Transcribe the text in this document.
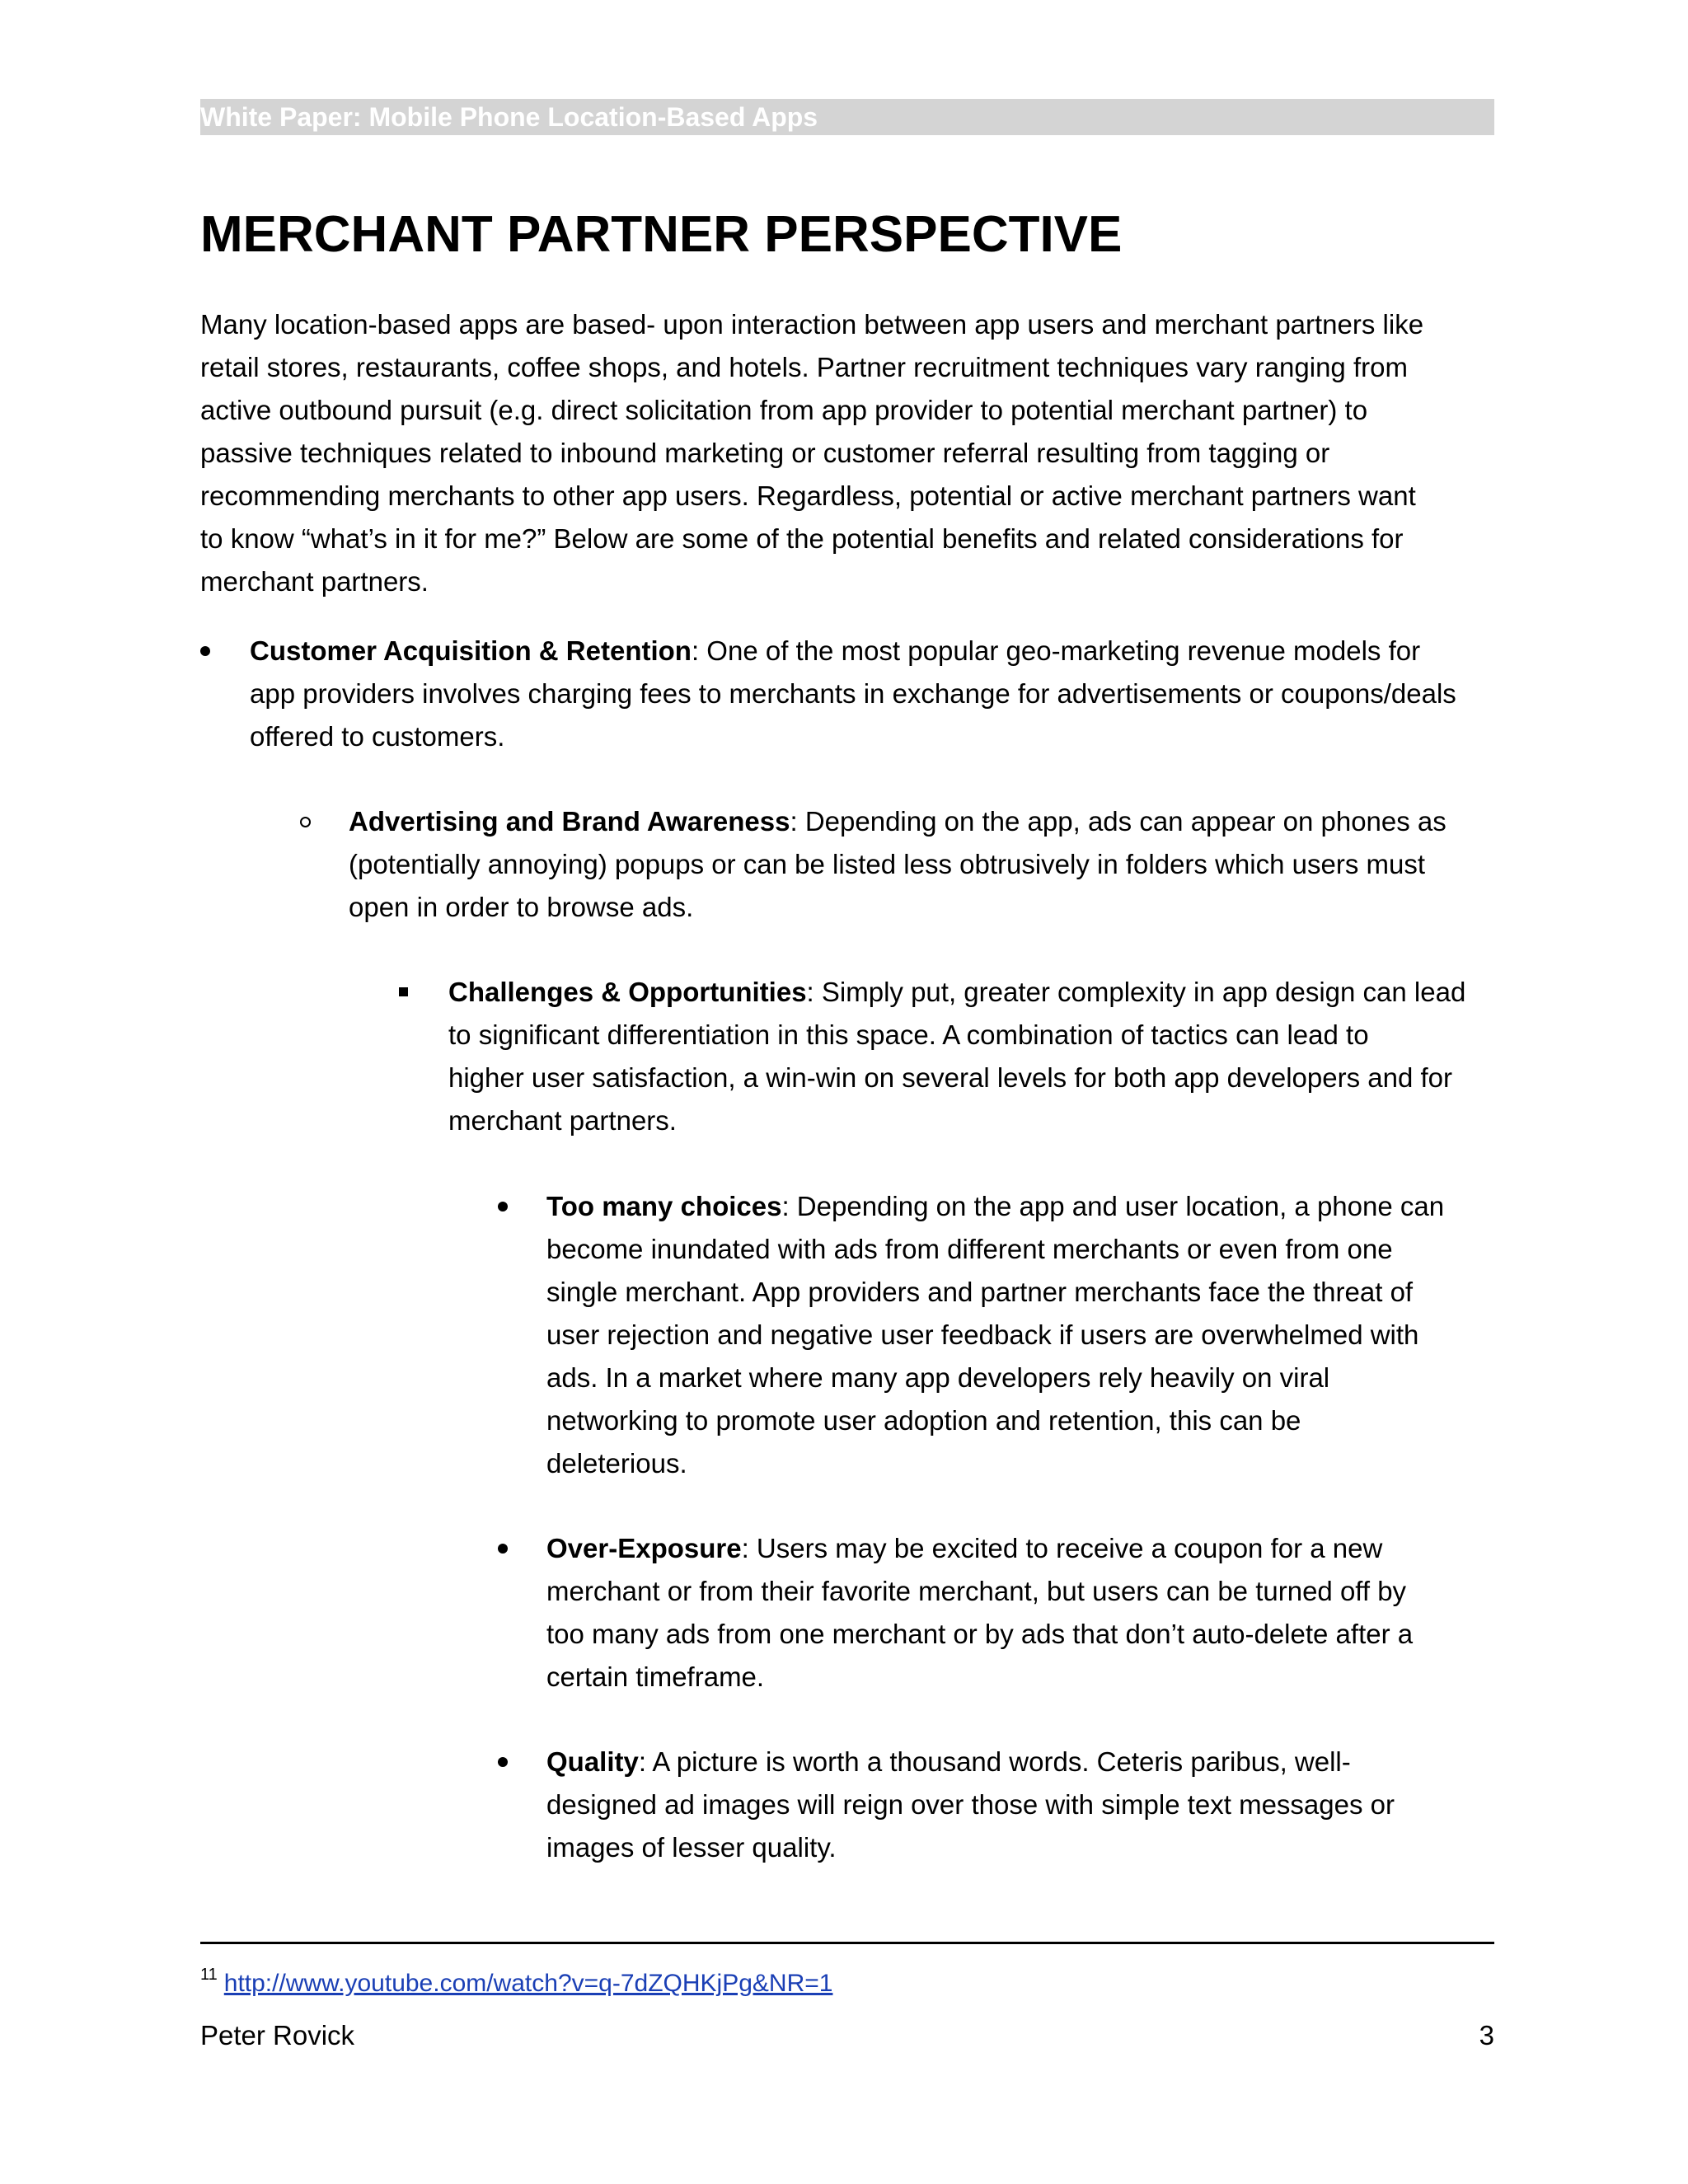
White Paper: Mobile Phone Location-Based Apps
MERCHANT PARTNER PERSPECTIVE

Many location-based apps are based- upon interaction between app users and merchant partners like

retail stores, restaurants, coffee shops, and hotels. Partner recruitment techniques vary ranging from

active outbound pursuit (e.g. direct solicitation from app provider to potential merchant partner) to

passive techniques related to inbound marketing or customer referral resulting from tagging or

recommending merchants to other app users. Regardless, potential or active merchant partners want

to know “what’s in it for me?” Below are some of the potential benefits and related considerations for

merchant partners.

Customer Acquisition & Retention: One of the most popular geo-marketing revenue models for

app providers involves charging fees to merchants in exchange for advertisements or coupons/deals

offered to customers.

Advertising and Brand Awareness: Depending on the app, ads can appear on phones as

(potentially annoying) popups or can be listed less obtrusively in folders which users must

open in order to browse ads.

Challenges & Opportunities: Simply put, greater complexity in app design can lead

to significant differentiation in this space. A combination of tactics can lead to

higher user satisfaction, a win-win on several levels for both app developers and for

merchant partners.

Too many choices: Depending on the app and user location, a phone can

become inundated with ads from different merchants or even from one

single merchant. App providers and partner merchants face the threat of

user rejection and negative user feedback if users are overwhelmed with

ads. In a market where many app developers rely heavily on viral

networking to promote user adoption and retention, this can be

deleterious.

Over-Exposure: Users may be excited to receive a coupon for a new

merchant or from their favorite merchant, but users can be turned off by

too many ads from one merchant or by ads that don’t auto-delete after a

certain timeframe.

Quality: A picture is worth a thousand words. Ceteris paribus, well-

designed ad images will reign over those with simple text messages or

images of lesser quality.

$^{11}$ http://www.youtube.com/watch?v=q-7dZQHKjPg&NR=1
Peter Rovick	3
